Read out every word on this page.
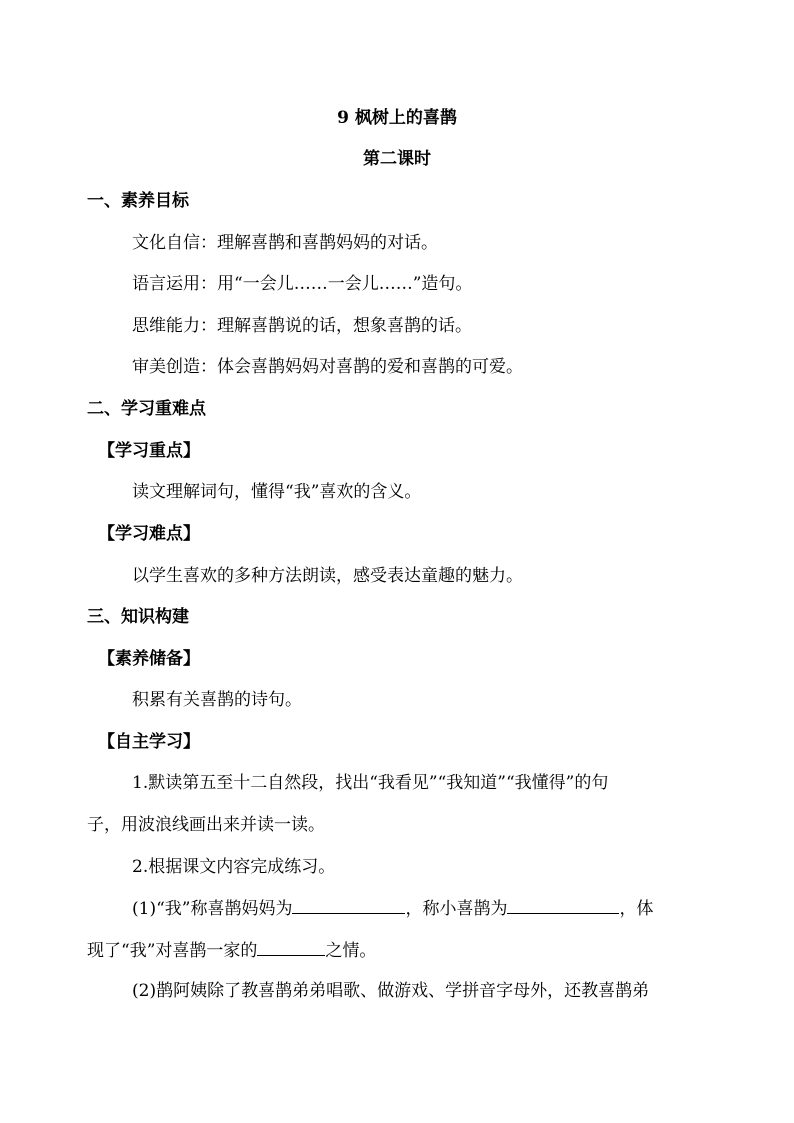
9 枫树上的喜鹊
第二课时
一、素养目标
文化自信：理解喜鹊和喜鹊妈妈的对话。
语言运用：用“一会儿……一会儿……”造句。
思维能力：理解喜鹊说的话，想象喜鹊的话。
审美创造：体会喜鹊妈妈对喜鹊的爱和喜鹊的可爱。
二、学习重难点
【学习重点】
读文理解词句，懂得“我”喜欢的含义。
【学习难点】
以学生喜欢的多种方法朗读，感受表达童趣的魅力。
三、知识构建
【素养储备】
积累有关喜鹊的诗句。
【自主学习】
1.默读第五至十二自然段，找出“我看见”“我知道”“我懂得”的句
子，用波浪线画出来并读一读。
2.根据课文内容完成练习。
(1)“我”称喜鹊妈妈为	，称小喜鹊为	，体
现了“我”对喜鹊一家的	之情。
(2)鹊阿姨除了教喜鹊弟弟唱歌、做游戏、学拼音字母外，还教喜鹊弟
